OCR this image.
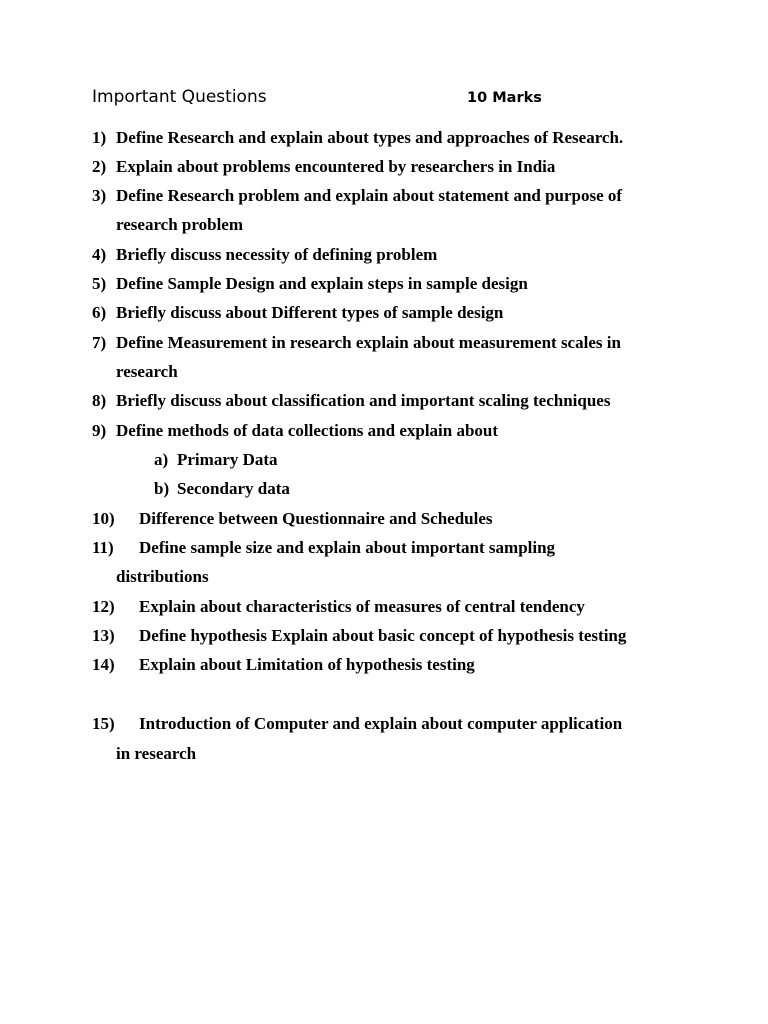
Important Questions	10 Marks
1) Define Research and explain about types and approaches of Research.
2) Explain about problems encountered by researchers in India
3) Define Research problem and explain about statement and purpose of
research problem
4) Briefly discuss necessity of defining problem
5) Define Sample Design and explain steps in sample design
6) Briefly discuss about Different types of sample design
7) Define Measurement in research explain about measurement scales in
research
8) Briefly discuss about classification and important scaling techniques
9) Define methods of data collections and explain about
a) Primary Data
b) Secondary data
10) Difference between Questionnaire and Schedules
11) Define sample size and explain about important sampling
distributions
12) Explain about characteristics of measures of central tendency
13) Define hypothesis Explain about basic concept of hypothesis testing
14) Explain about Limitation of hypothesis testing
15) Introduction of Computer and explain about computer application
in research
